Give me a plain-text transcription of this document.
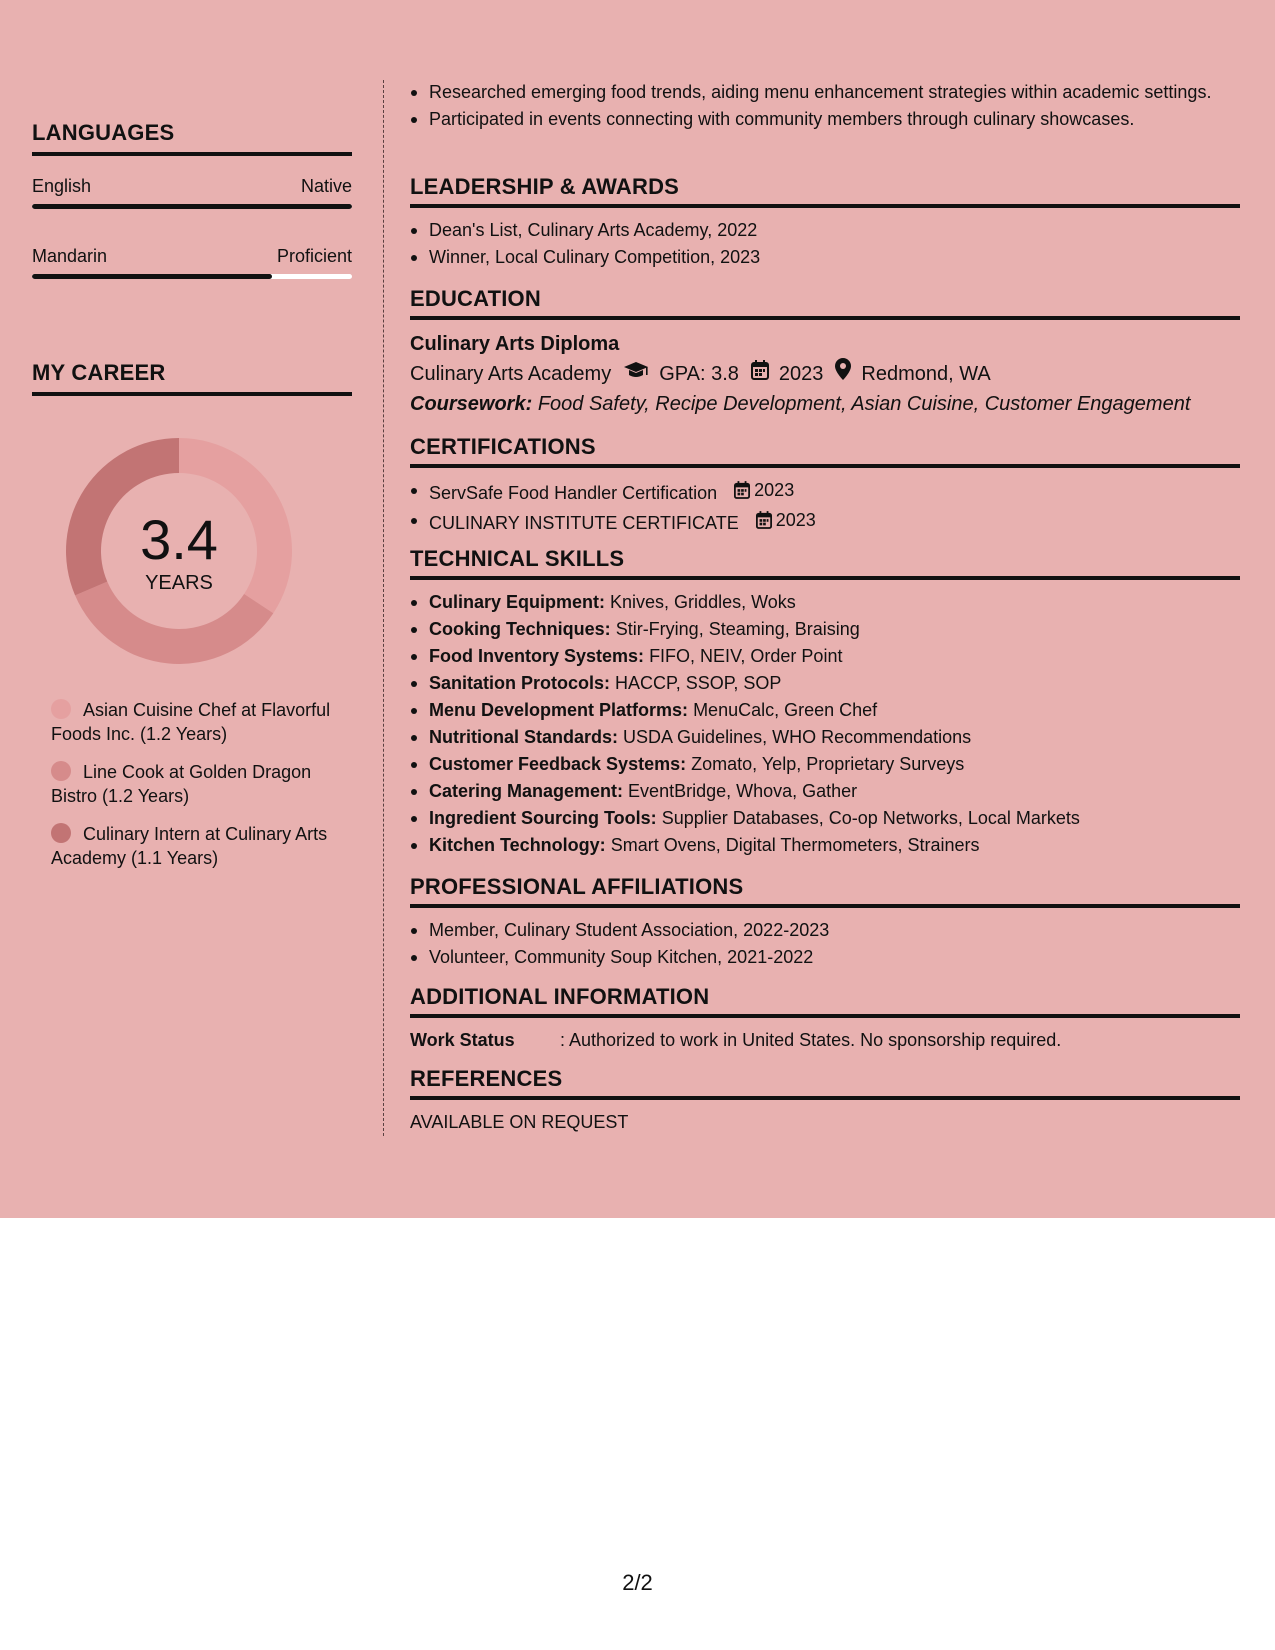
LANGUAGES
English	Native
Mandarin	Proficient
MY CAREER
3.4
YEARS
Asian Cuisine Chef at Flavorful Foods Inc. (1.2 Years)
Line Cook at Golden Dragon Bistro (1.2 Years)
Culinary Intern at Culinary Arts Academy (1.1 Years)
Researched emerging food trends, aiding menu enhancement strategies within academic settings.
Participated in events connecting with community members through culinary showcases.
LEADERSHIP & AWARDS
Dean's List, Culinary Arts Academy, 2022
Winner, Local Culinary Competition, 2023
EDUCATION
Culinary Arts Diploma
Culinary Arts Academy GPA: 3.8 2023 Redmond, WA
Coursework: Food Safety, Recipe Development, Asian Cuisine, Customer Engagement
CERTIFICATIONS
ServSafe Food Handler Certification 2023
CULINARY INSTITUTE CERTIFICATE 2023
TECHNICAL SKILLS
Culinary Equipment: Knives, Griddles, Woks
Cooking Techniques: Stir-Frying, Steaming, Braising
Food Inventory Systems: FIFO, NEIV, Order Point
Sanitation Protocols: HACCP, SSOP, SOP
Menu Development Platforms: MenuCalc, Green Chef
Nutritional Standards: USDA Guidelines, WHO Recommendations
Customer Feedback Systems: Zomato, Yelp, Proprietary Surveys
Catering Management: EventBridge, Whova, Gather
Ingredient Sourcing Tools: Supplier Databases, Co-op Networks, Local Markets
Kitchen Technology: Smart Ovens, Digital Thermometers, Strainers
PROFESSIONAL AFFILIATIONS
Member, Culinary Student Association, 2022-2023
Volunteer, Community Soup Kitchen, 2021-2022
ADDITIONAL INFORMATION
Work Status	: Authorized to work in United States. No sponsorship required.
REFERENCES
AVAILABLE ON REQUEST
2/2
